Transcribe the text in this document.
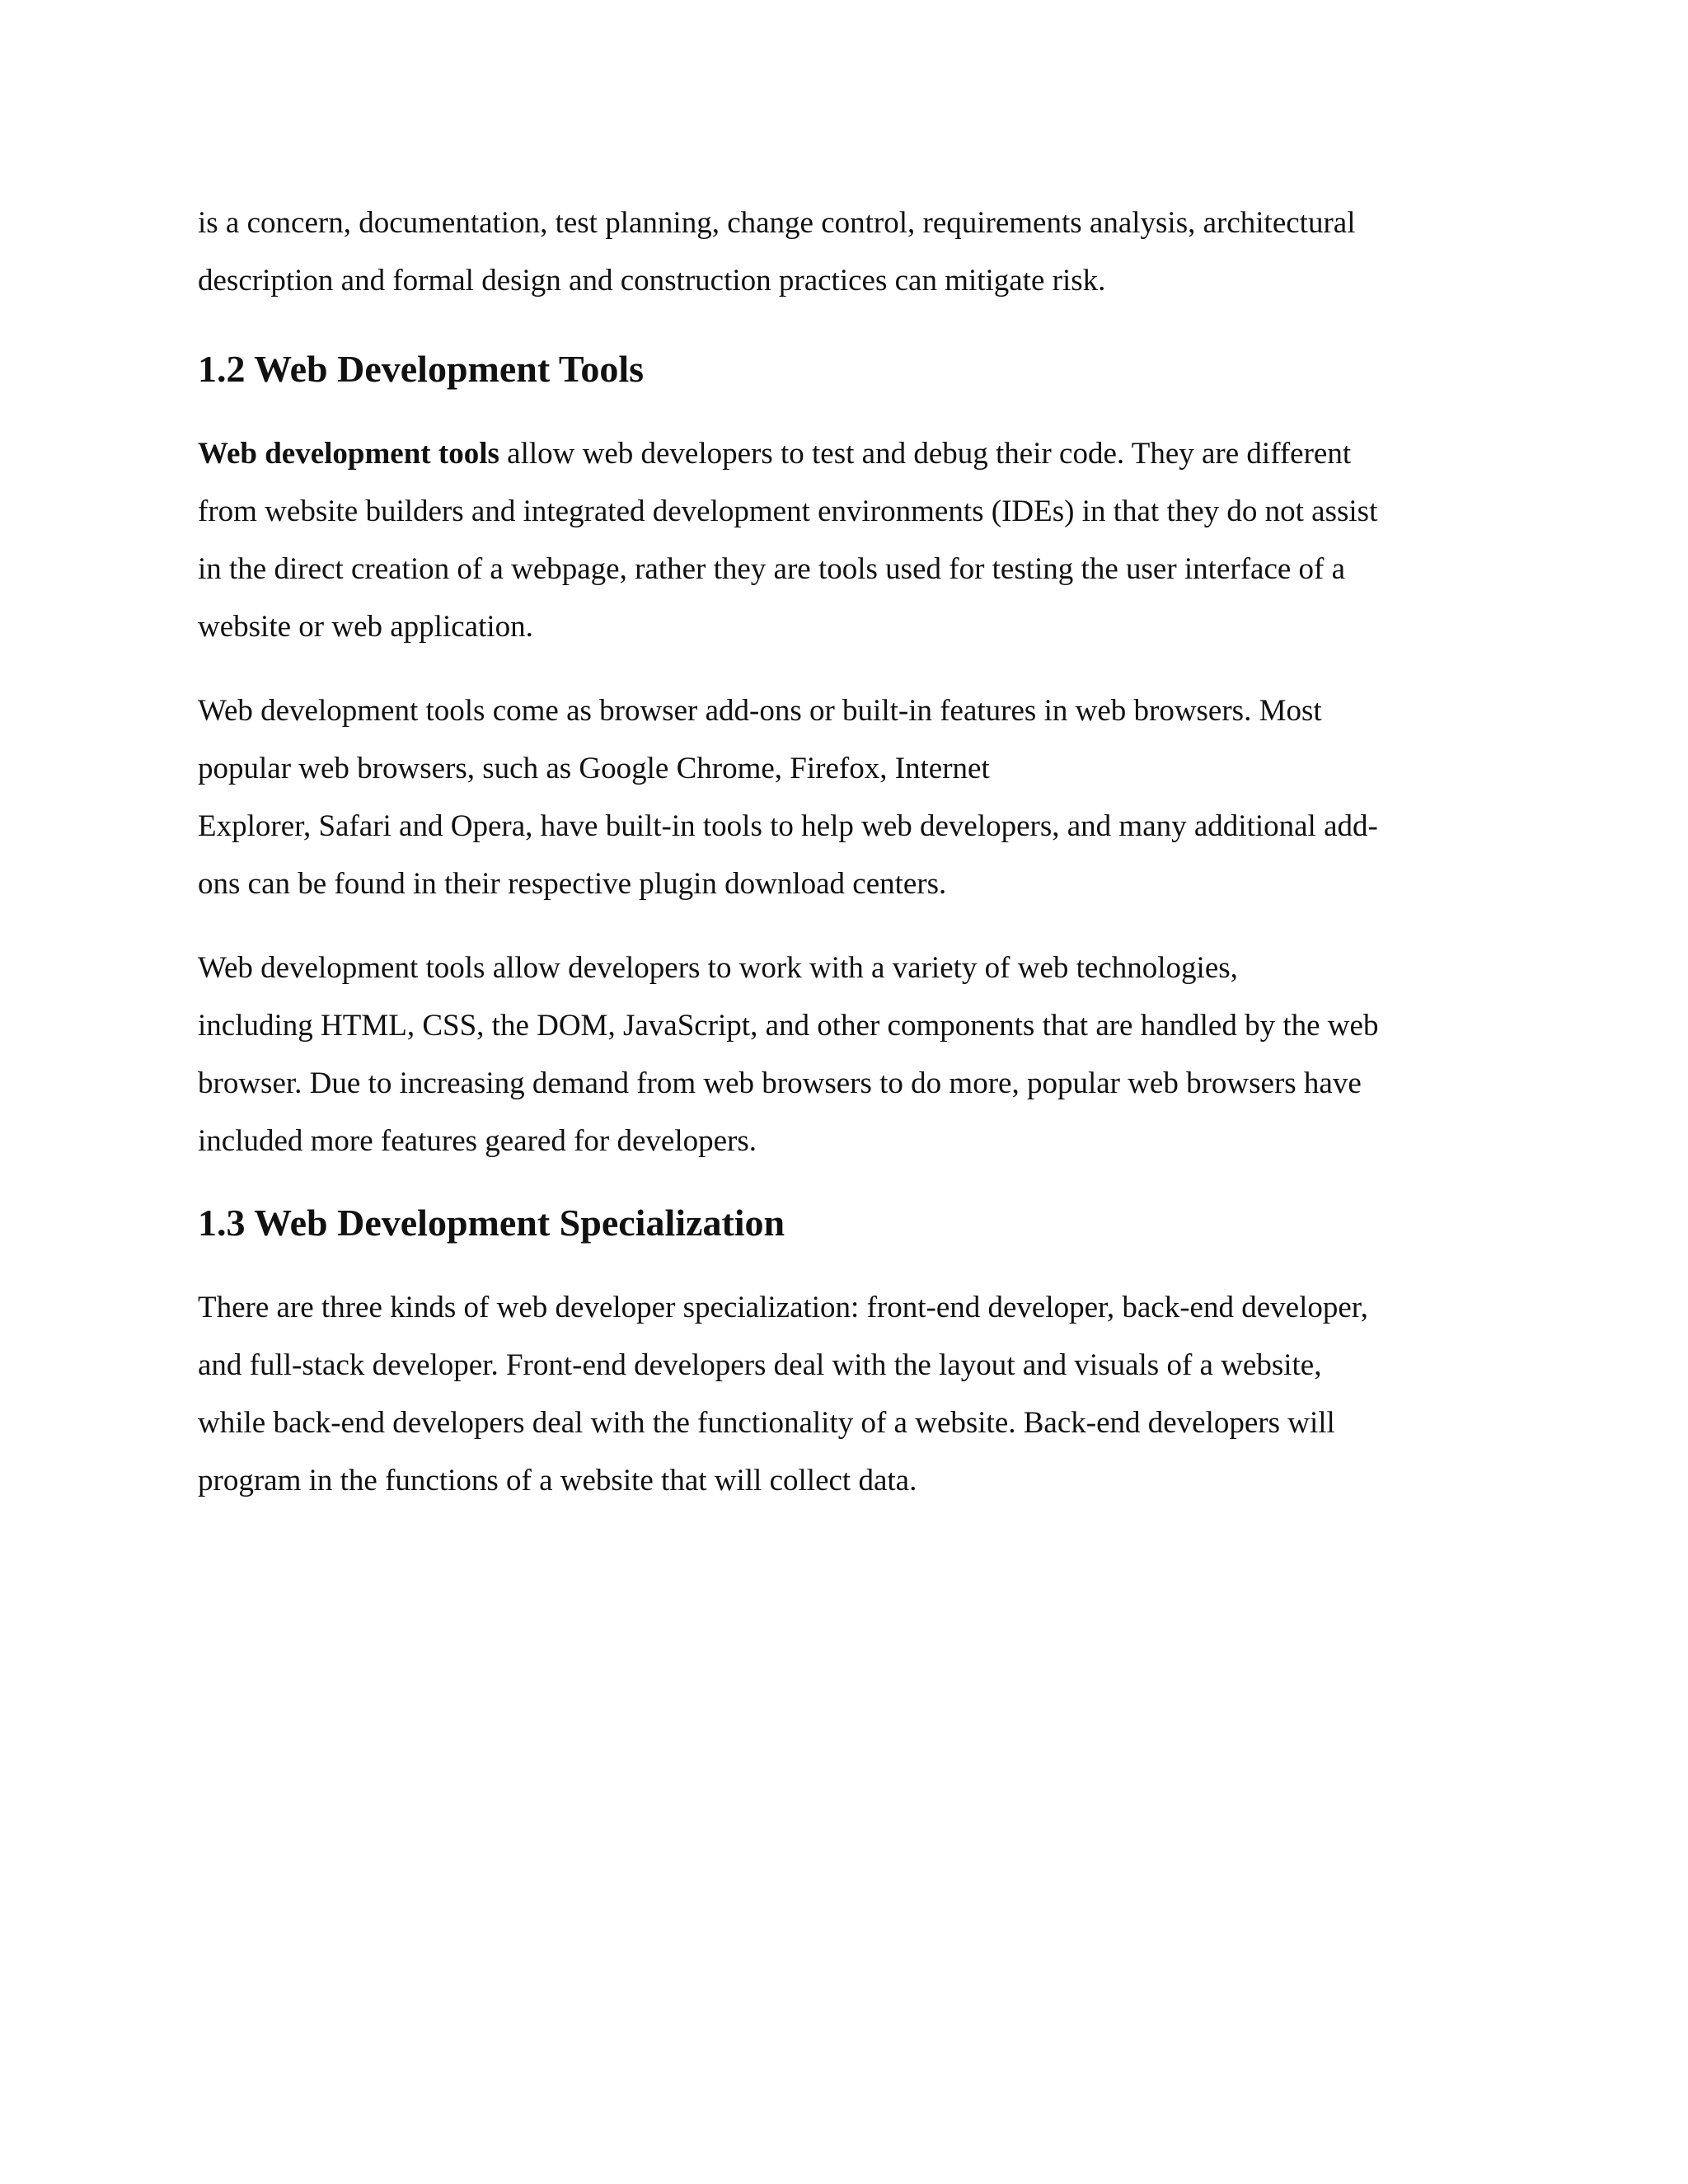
is a concern, documentation, test planning, change control, requirements analysis, architectural
description and formal design and construction practices can mitigate risk.

1.2 Web Development Tools

Web development tools allow web developers to test and debug their code. They are different
from website builders and integrated development environments (IDEs) in that they do not assist
in the direct creation of a webpage, rather they are tools used for testing the user interface of a
website or web application.

Web development tools come as browser add-ons or built-in features in web browsers. Most
popular web browsers, such as Google Chrome, Firefox, Internet
Explorer, Safari and Opera, have built-in tools to help web developers, and many additional add-
ons can be found in their respective plugin download centers.

Web development tools allow developers to work with a variety of web technologies,
including HTML, CSS, the DOM, JavaScript, and other components that are handled by the web
browser. Due to increasing demand from web browsers to do more, popular web browsers have
included more features geared for developers.

1.3 Web Development Specialization

There are three kinds of web developer specialization: front-end developer, back-end developer,
and full-stack developer. Front-end developers deal with the layout and visuals of a website,
while back-end developers deal with the functionality of a website. Back-end developers will
program in the functions of a website that will collect data.
